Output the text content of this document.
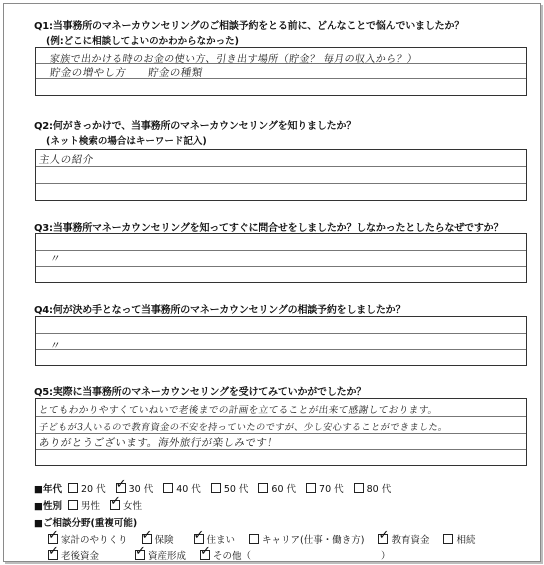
Q1:当事務所のマネーカウンセリングのご相談予約をとる前に、どんなことで悩んでいましたか？
(例:どこに相談してよいのかわからなかった)
家族で出かける時のお金の使い方、引き出す場所（貯金？ 毎月の収入から？）
貯金の増やし方　　貯金の種類
Q2:何がきっかけで、当事務所のマネーカウンセリングを知りましたか？
(ネット検索の場合はキーワード記入)
主人の紹介
Q3:当事務所マネーカウンセリングを知ってすぐに問合せをしましたか？しなかったとしたらなぜですか？
〃
Q4:何が決め手となって当事務所のマネーカウンセリングの相談予約をしましたか？
〃
Q5:実際に当事務所のマネーカウンセリングを受けてみていかがでしたか？
とてもわかりやすくていねいで老後までの計画を立てることが出来て感謝しております。
子どもが3人いるので教育資金の不安を持っていたのですが、少し安心することができました。
ありがとうございます。海外旅行が楽しみです！
■年代 20 代 ✓ 30 代 40 代 50 代 60 代 70 代 80 代
■性別 男性 ✓ 女性
■ご相談分野(重複可能)
✓
家計のやりくり ✓	保険 ✓	住まい	キャリア(仕事・働き方) ✓	教育資金	相続
✓
老後資金 ✓	資産形成 ✓	その他（	）
